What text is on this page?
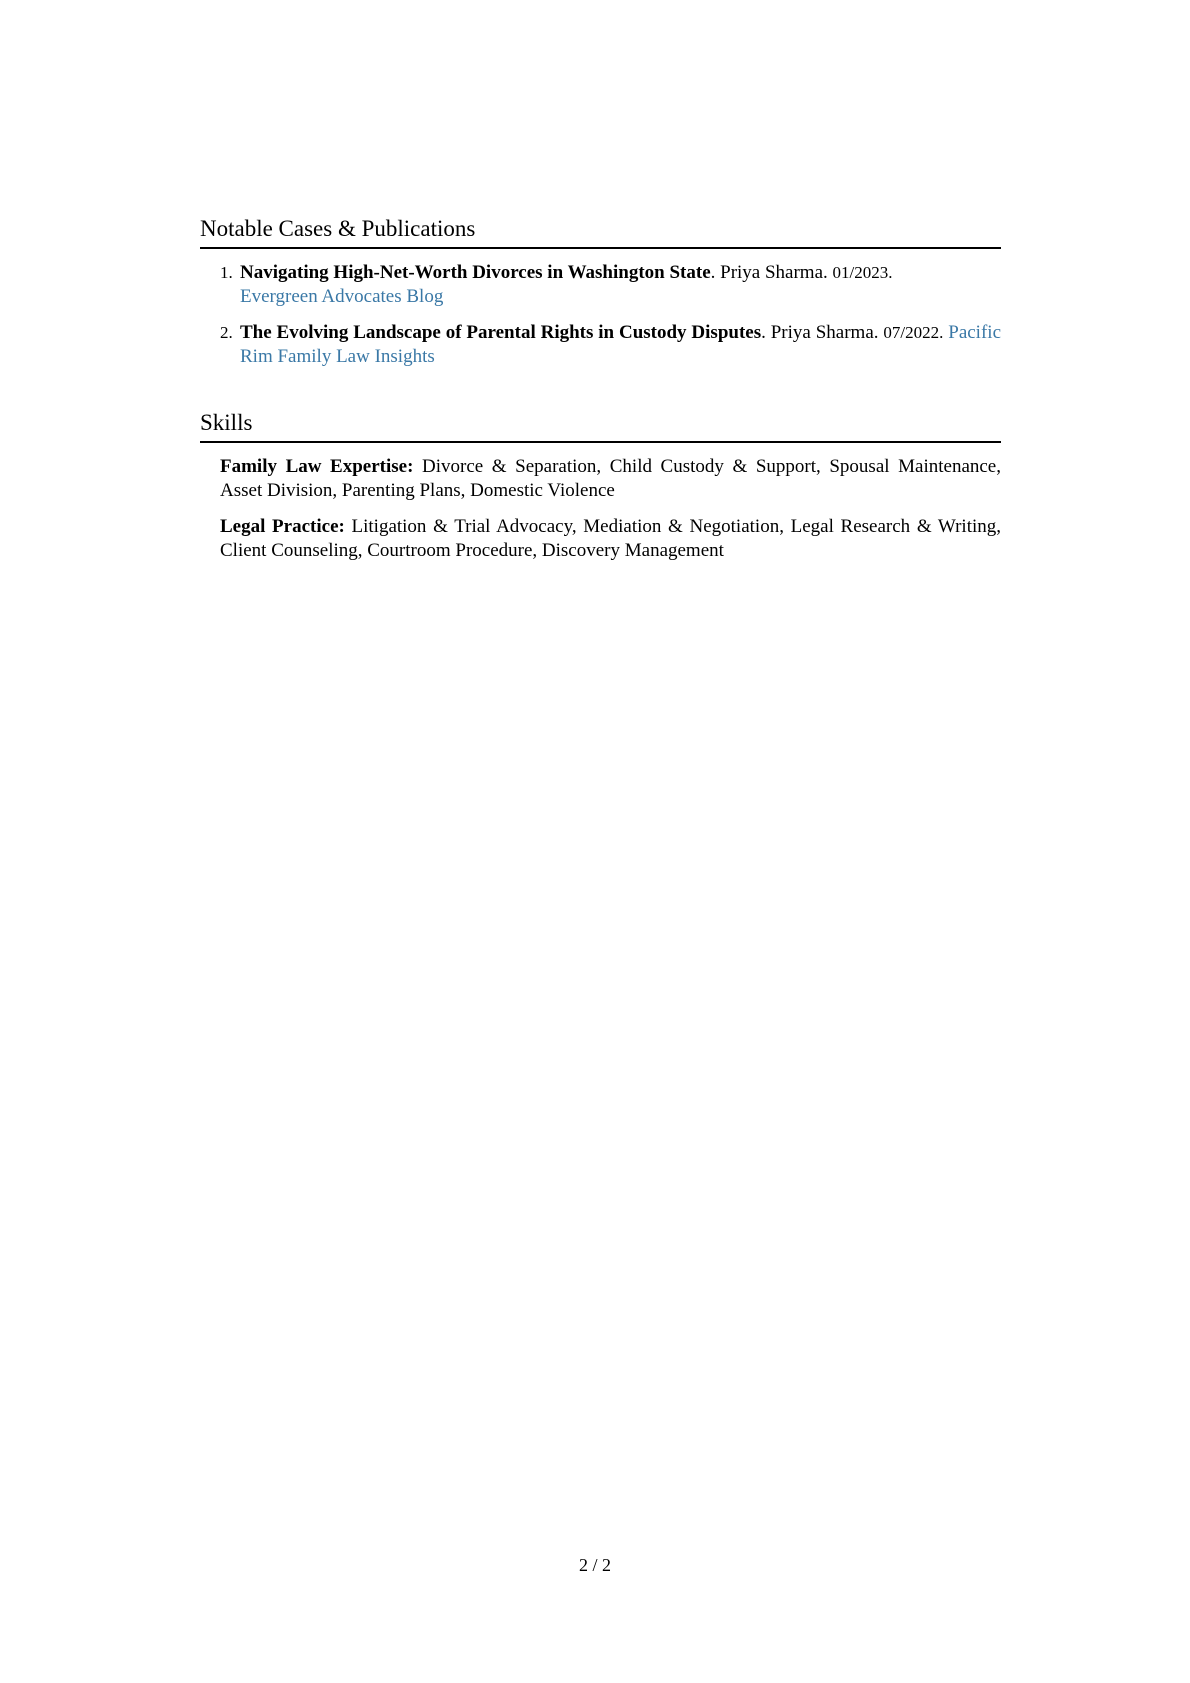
Notable Cases & Publications
1. Navigating High-Net-Worth Divorces in Washington State. Priya Sharma. 01/2023.
Evergreen Advocates Blog
2. The Evolving Landscape of Parental Rights in Custody Disputes. Priya Sharma. 07/2022. Pacific Rim Family Law Insights
Skills
Family Law Expertise: Divorce & Separation, Child Custody & Support, Spousal Maintenance, Asset Division, Parenting Plans, Domestic Violence
Legal Practice: Litigation & Trial Advocacy, Mediation & Negotiation, Legal Research & Writing, Client Counseling, Courtroom Procedure, Discovery Management
2 / 2
